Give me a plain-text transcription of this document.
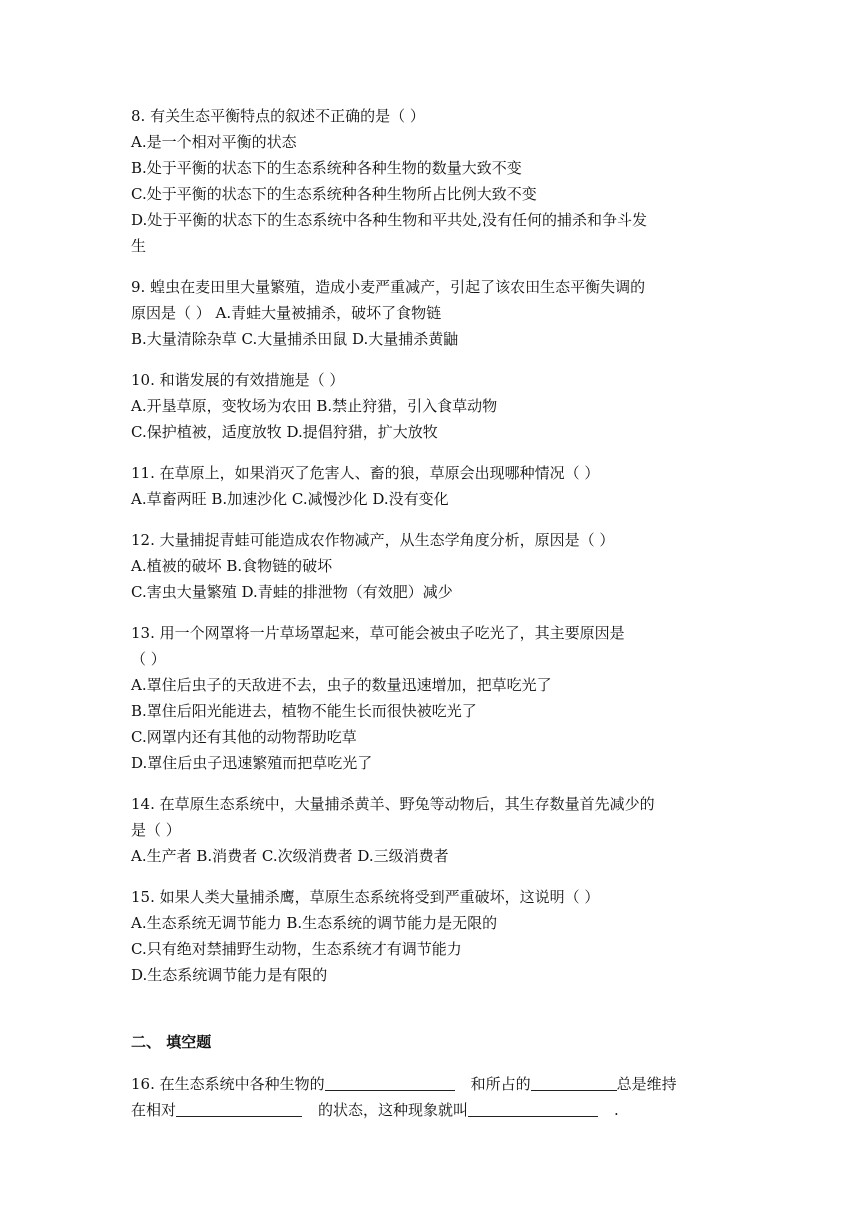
8. 有关生态平衡特点的叙述不正确的是（ ）
A.是一个相对平衡的状态
B.处于平衡的状态下的生态系统种各种生物的数量大致不变
C.处于平衡的状态下的生态系统种各种生物所占比例大致不变
D.处于平衡的状态下的生态系统中各种生物和平共处,没有任何的捕杀和争斗发
生
9. 蝗虫在麦田里大量繁殖，造成小麦严重减产，引起了该农田生态平衡失调的
原因是（ ） A.青蛙大量被捕杀，破坏了食物链
B.大量清除杂草 C.大量捕杀田鼠 D.大量捕杀黄鼬
10. 和谐发展的有效措施是（ ）
A.开垦草原，变牧场为农田 B.禁止狩猎，引入食草动物
C.保护植被，适度放牧 D.提倡狩猎，扩大放牧
11. 在草原上，如果消灭了危害人、畜的狼，草原会出现哪种情况（ ）
A.草畜两旺 B.加速沙化 C.减慢沙化 D.没有变化
12. 大量捕捉青蛙可能造成农作物减产，从生态学角度分析，原因是（ ）
A.植被的破坏 B.食物链的破坏
C.害虫大量繁殖 D.青蛙的排泄物（有效肥）减少
13. 用一个网罩将一片草场罩起来，草可能会被虫子吃光了，其主要原因是
（ ）
A.罩住后虫子的天敌进不去，虫子的数量迅速增加，把草吃光了
B.罩住后阳光能进去，植物不能生长而很快被吃光了
C.网罩内还有其他的动物帮助吃草
D.罩住后虫子迅速繁殖而把草吃光了
14. 在草原生态系统中，大量捕杀黄羊、野兔等动物后，其生存数量首先减少的
是（ ）
A.生产者 B.消费者 C.次级消费者 D.三级消费者
15. 如果人类大量捕杀鹰，草原生态系统将受到严重破坏，这说明（ ）
A.生态系统无调节能力 B.生态系统的调节能力是无限的
C.只有绝对禁捕野生动物，生态系统才有调节能力
D.生态系统调节能力是有限的
二、 填空题
16. 在生态系统中各种生物的	和所占的	总是维持
在相对	的状态，这种现象就叫	.
